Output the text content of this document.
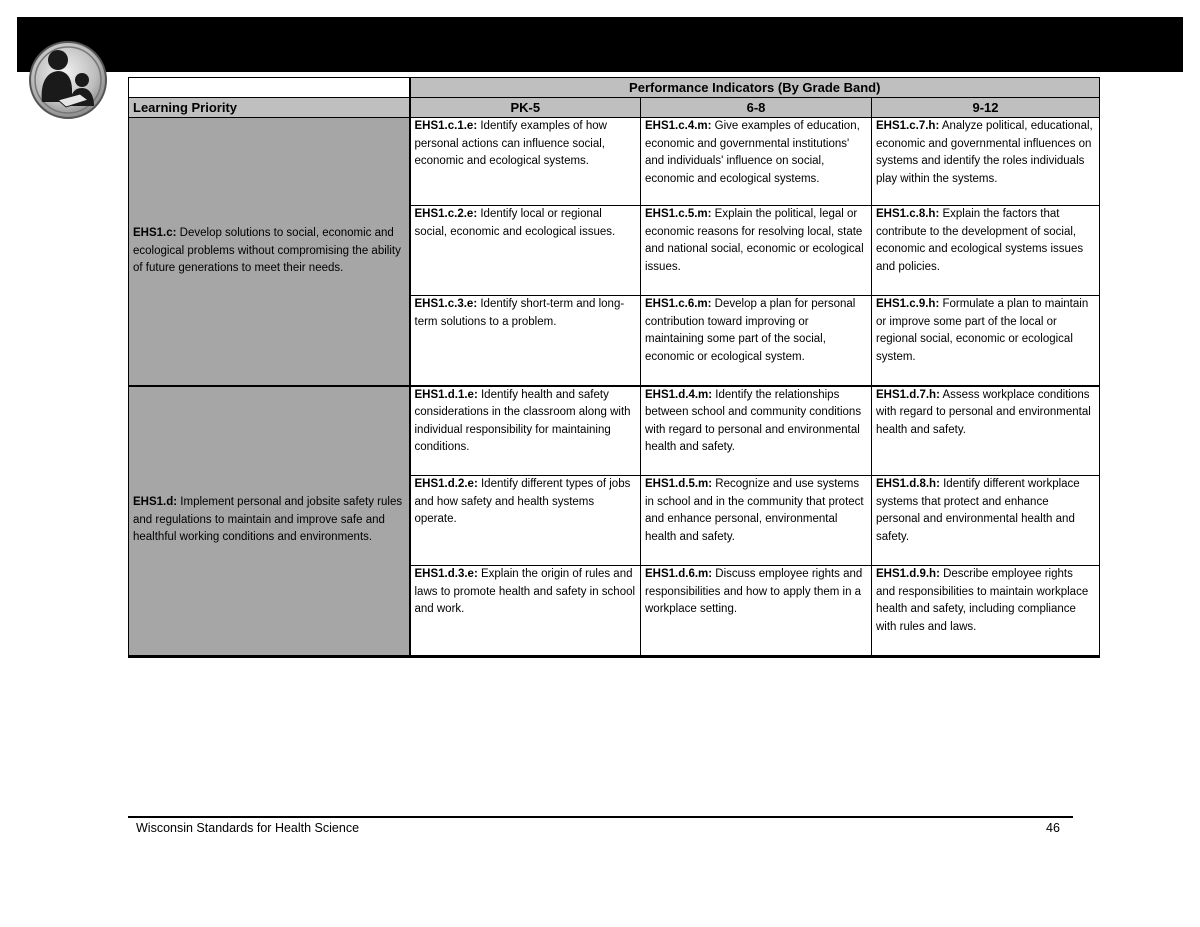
	Performance Indicators (By Grade Band)		
Learning Priority	PK-5	6-8	9-12
EHS1.c: Develop solutions to social, economic and ecological problems without compromising the ability of future generations to meet their needs.	EHS1.c.1.e: Identify examples of how personal actions can influence social, economic and ecological systems.	EHS1.c.4.m: Give examples of education, economic and governmental institutions' and individuals' influence on social, economic and ecological systems.	EHS1.c.7.h: Analyze political, educational, economic and governmental influences on systems and identify the roles individuals play within the systems.
	EHS1.c.2.e: Identify local or regional social, economic and ecological issues.	EHS1.c.5.m: Explain the political, legal or economic reasons for resolving local, state and national social, economic or ecological issues.	EHS1.c.8.h: Explain the factors that contribute to the development of social, economic and ecological systems issues and policies.
	EHS1.c.3.e: Identify short-term and long-term solutions to a problem.	EHS1.c.6.m: Develop a plan for personal contribution toward improving or maintaining some part of the social, economic or ecological system.	EHS1.c.9.h: Formulate a plan to maintain or improve some part of the local or regional social, economic or ecological system.
EHS1.d: Implement personal and jobsite safety rules and regulations to maintain and improve safe and healthful working conditions and environments.	EHS1.d.1.e: Identify health and safety considerations in the classroom along with individual responsibility for maintaining conditions.	EHS1.d.4.m: Identify the relationships between school and community conditions with regard to personal and environmental health and safety.	EHS1.d.7.h: Assess workplace conditions with regard to personal and environmental health and safety.
	EHS1.d.2.e: Identify different types of jobs and how safety and health systems operate.	EHS1.d.5.m: Recognize and use systems in school and in the community that protect and enhance personal, environmental health and safety.	EHS1.d.8.h: Identify different workplace systems that protect and enhance personal and environmental health and safety.
	EHS1.d.3.e: Explain the origin of rules and laws to promote health and safety in school and work.	EHS1.d.6.m: Discuss employee rights and responsibilities and how to apply them in a workplace setting.	EHS1.d.9.h: Describe employee rights and responsibilities to maintain workplace health and safety, including compliance with rules and laws.

Wisconsin Standards for Health Science	46
